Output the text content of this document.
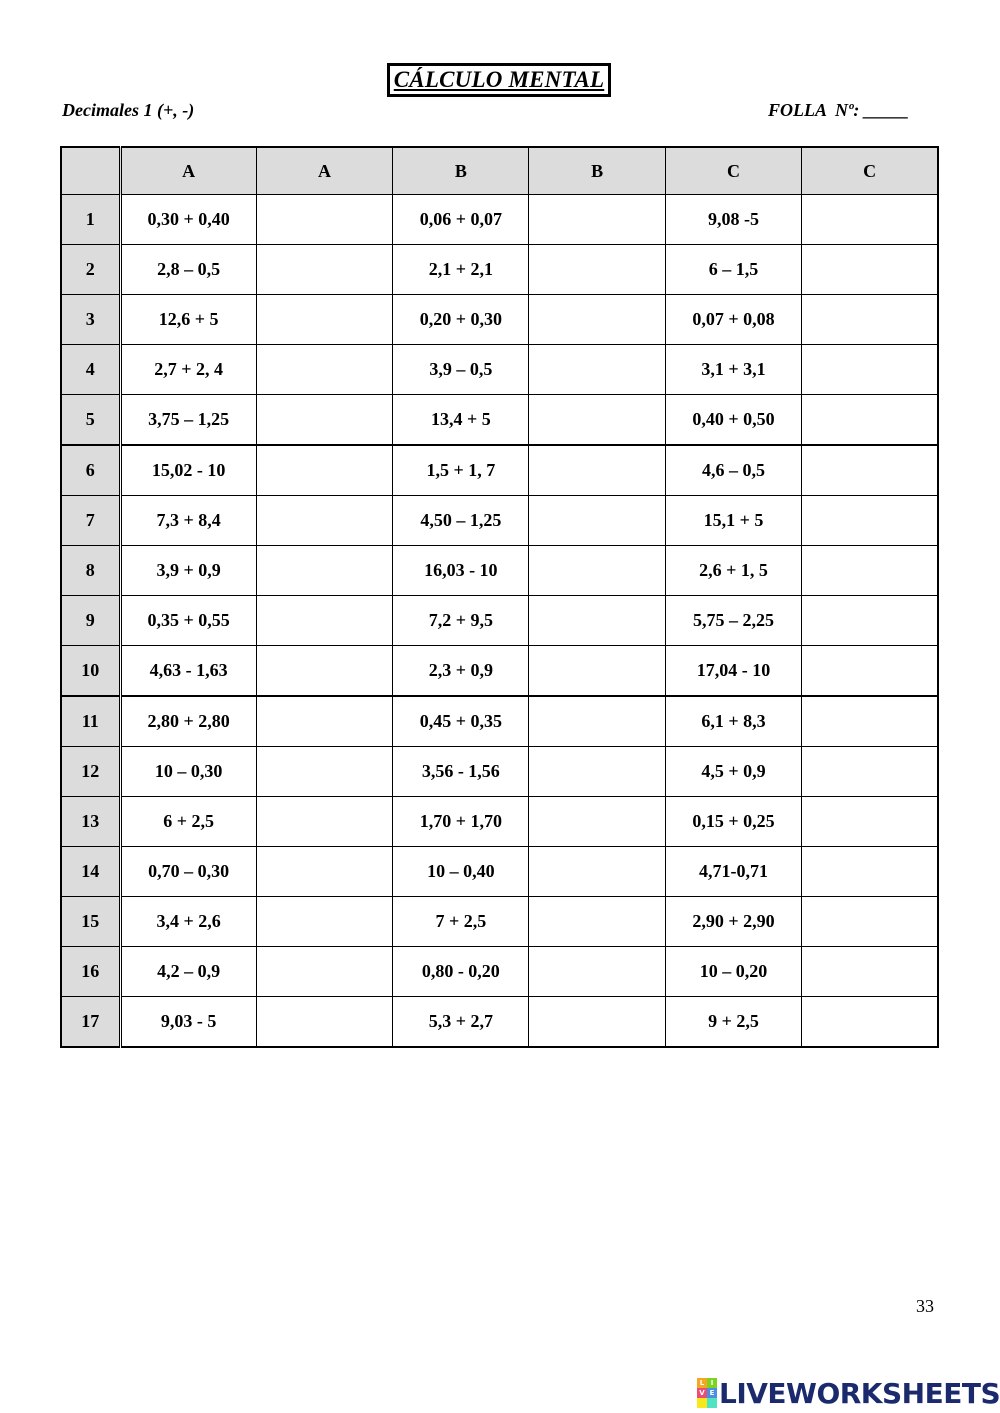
CÁLCULO MENTAL
Decimales 1 (+, -)	FOLLA  Nº: _____
	A	A	B	B	C	C
1	0,30 + 0,40		0,06 + 0,07		9,08 -5	
2	2,8 – 0,5		2,1 + 2,1		6 – 1,5	
3	12,6 + 5		0,20 + 0,30		0,07 + 0,08	
4	2,7 + 2, 4		3,9 – 0,5		3,1 + 3,1	
5	3,75 – 1,25		13,4 + 5		0,40 + 0,50	
6	15,02 - 10		1,5 + 1, 7		4,6 – 0,5	
7	7,3 + 8,4		4,50 – 1,25		15,1 + 5	
8	3,9 + 0,9		16,03 - 10		2,6 + 1, 5	
9	0,35 + 0,55		7,2 + 9,5		5,75 – 2,25	
10	4,63 - 1,63		2,3 + 0,9		17,04 - 10	
11	2,80 + 2,80		0,45 + 0,35		6,1 + 8,3	
12	10 – 0,30		3,56 - 1,56		4,5 + 0,9	
13	6 + 2,5		1,70 + 1,70		0,15 + 0,25	
14	0,70 – 0,30		10 – 0,40		4,71-0,71	
15	3,4 + 2,6		7 + 2,5		2,90 + 2,90	
16	4,2 – 0,9		0,80 - 0,20		10 – 0,20	
17	9,03 - 5		5,3 + 2,7		9 + 2,5	
33
L I
V E LIVEWORKSHEETS
